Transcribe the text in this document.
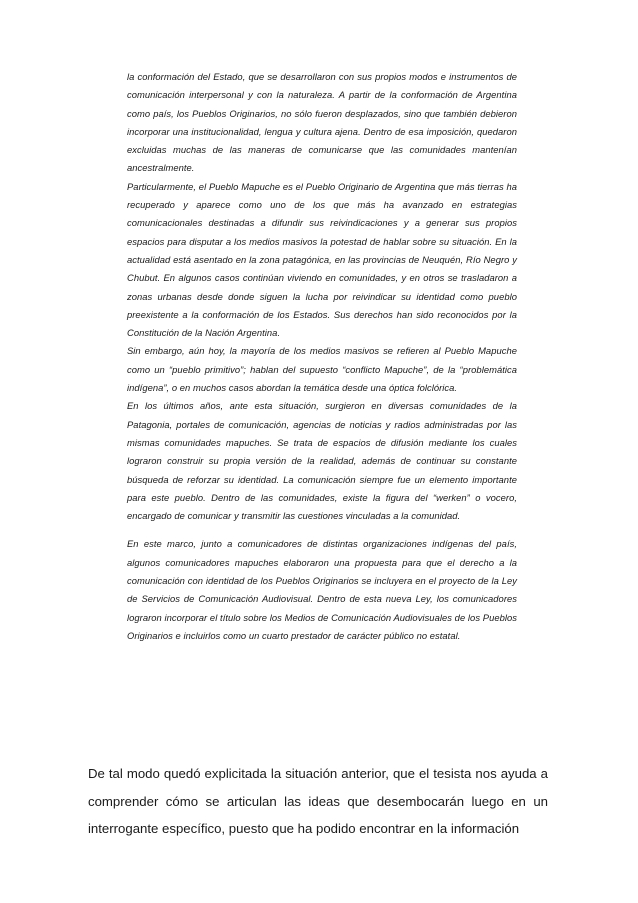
la conformación del Estado, que se desarrollaron con sus propios modos e instrumentos de comunicación interpersonal y con la naturaleza. A partir de la conformación de Argentina como país, los Pueblos Originarios, no sólo fueron desplazados, sino que también debieron incorporar una institucionalidad, lengua y cultura ajena. Dentro de esa imposición, quedaron excluidas muchas de las maneras de comunicarse que las comunidades mantenían ancestralmente.

Particularmente, el Pueblo Mapuche es el Pueblo Originario de Argentina que más tierras ha recuperado y aparece como uno de los que más ha avanzado en estrategias comunicacionales destinadas a difundir sus reivindicaciones y a generar sus propios espacios para disputar a los medios masivos la potestad de hablar sobre su situación. En la actualidad está asentado en la zona patagónica, en las provincias de Neuquén, Río Negro y Chubut. En algunos casos continúan viviendo en comunidades, y en otros se trasladaron a zonas urbanas desde donde siguen la lucha por reivindicar su identidad como pueblo preexistente a la conformación de los Estados. Sus derechos han sido reconocidos por la Constitución de la Nación Argentina.

Sin embargo, aún hoy, la mayoría de los medios masivos se refieren al Pueblo Mapuche como un “pueblo primitivo”; hablan del supuesto “conflicto Mapuche”, de la “problemática indígena”, o en muchos casos abordan la temática desde una óptica folclórica.

En los últimos años, ante esta situación, surgieron en diversas comunidades de la Patagonia, portales de comunicación, agencias de noticias y radios administradas por las mismas comunidades mapuches. Se trata de espacios de difusión mediante los cuales lograron construir su propia versión de la realidad, además de continuar su constante búsqueda de reforzar su identidad. La comunicación siempre fue un elemento importante para este pueblo. Dentro de las comunidades, existe la figura del “werken” o vocero, encargado de comunicar y transmitir las cuestiones vinculadas a la comunidad.

En este marco, junto a comunicadores de distintas organizaciones indígenas del país, algunos comunicadores mapuches elaboraron una propuesta para que el derecho a la comunicación con identidad de los Pueblos Originarios se incluyera en el proyecto de la Ley de Servicios de Comunicación Audiovisual. Dentro de esta nueva Ley, los comunicadores lograron incorporar el título sobre los Medios de Comunicación Audiovisuales de los Pueblos Originarios e incluirlos como un cuarto prestador de carácter público no estatal.

De tal modo quedó explicitada la situación anterior, que el tesista nos ayuda a comprender cómo se articulan las ideas que desembocarán luego en un interrogante específico, puesto que ha podido encontrar en la información
